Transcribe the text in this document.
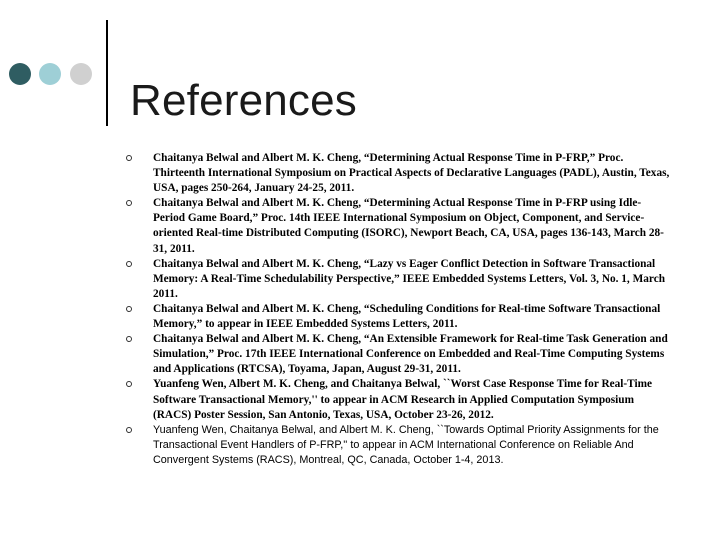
References
Chaitanya Belwal and Albert M. K. Cheng, “Determining Actual Response Time in P-FRP,” Proc. Thirteenth International Symposium on Practical Aspects of Declarative Languages (PADL), Austin, Texas, USA, pages 250-264, January 24-25, 2011.
Chaitanya Belwal and Albert M. K. Cheng, “Determining Actual Response Time in P-FRP using Idle-Period Game Board,” Proc. 14th IEEE International Symposium on Object, Component, and Service-oriented Real-time Distributed Computing (ISORC), Newport Beach, CA, USA, pages 136-143, March 28-31, 2011.
Chaitanya Belwal and Albert M. K. Cheng, “Lazy vs Eager Conflict Detection in Software Transactional Memory: A Real-Time Schedulability Perspective,” IEEE Embedded Systems Letters, Vol. 3, No. 1, March 2011.
Chaitanya Belwal and Albert M. K. Cheng, “Scheduling Conditions for Real-time Software Transactional Memory,” to appear in IEEE Embedded Systems Letters, 2011.
Chaitanya Belwal and Albert M. K. Cheng, “An Extensible Framework for Real-time Task Generation and Simulation,” Proc. 17th IEEE International Conference on Embedded and Real-Time Computing Systems and Applications (RTCSA), Toyama, Japan, August 29-31, 2011.
Yuanfeng Wen, Albert M. K. Cheng, and Chaitanya Belwal, ``Worst Case Response Time for Real-Time Software Transactional Memory,'' to appear in ACM Research in Applied Computation Symposium (RACS) Poster Session, San Antonio, Texas, USA, October 23-26, 2012.
Yuanfeng Wen, Chaitanya Belwal, and Albert M. K. Cheng, ``Towards Optimal Priority Assignments for the Transactional Event Handlers of P-FRP,'' to appear in ACM International Conference on Reliable And Convergent Systems (RACS), Montreal, QC, Canada, October 1-4, 2013.
